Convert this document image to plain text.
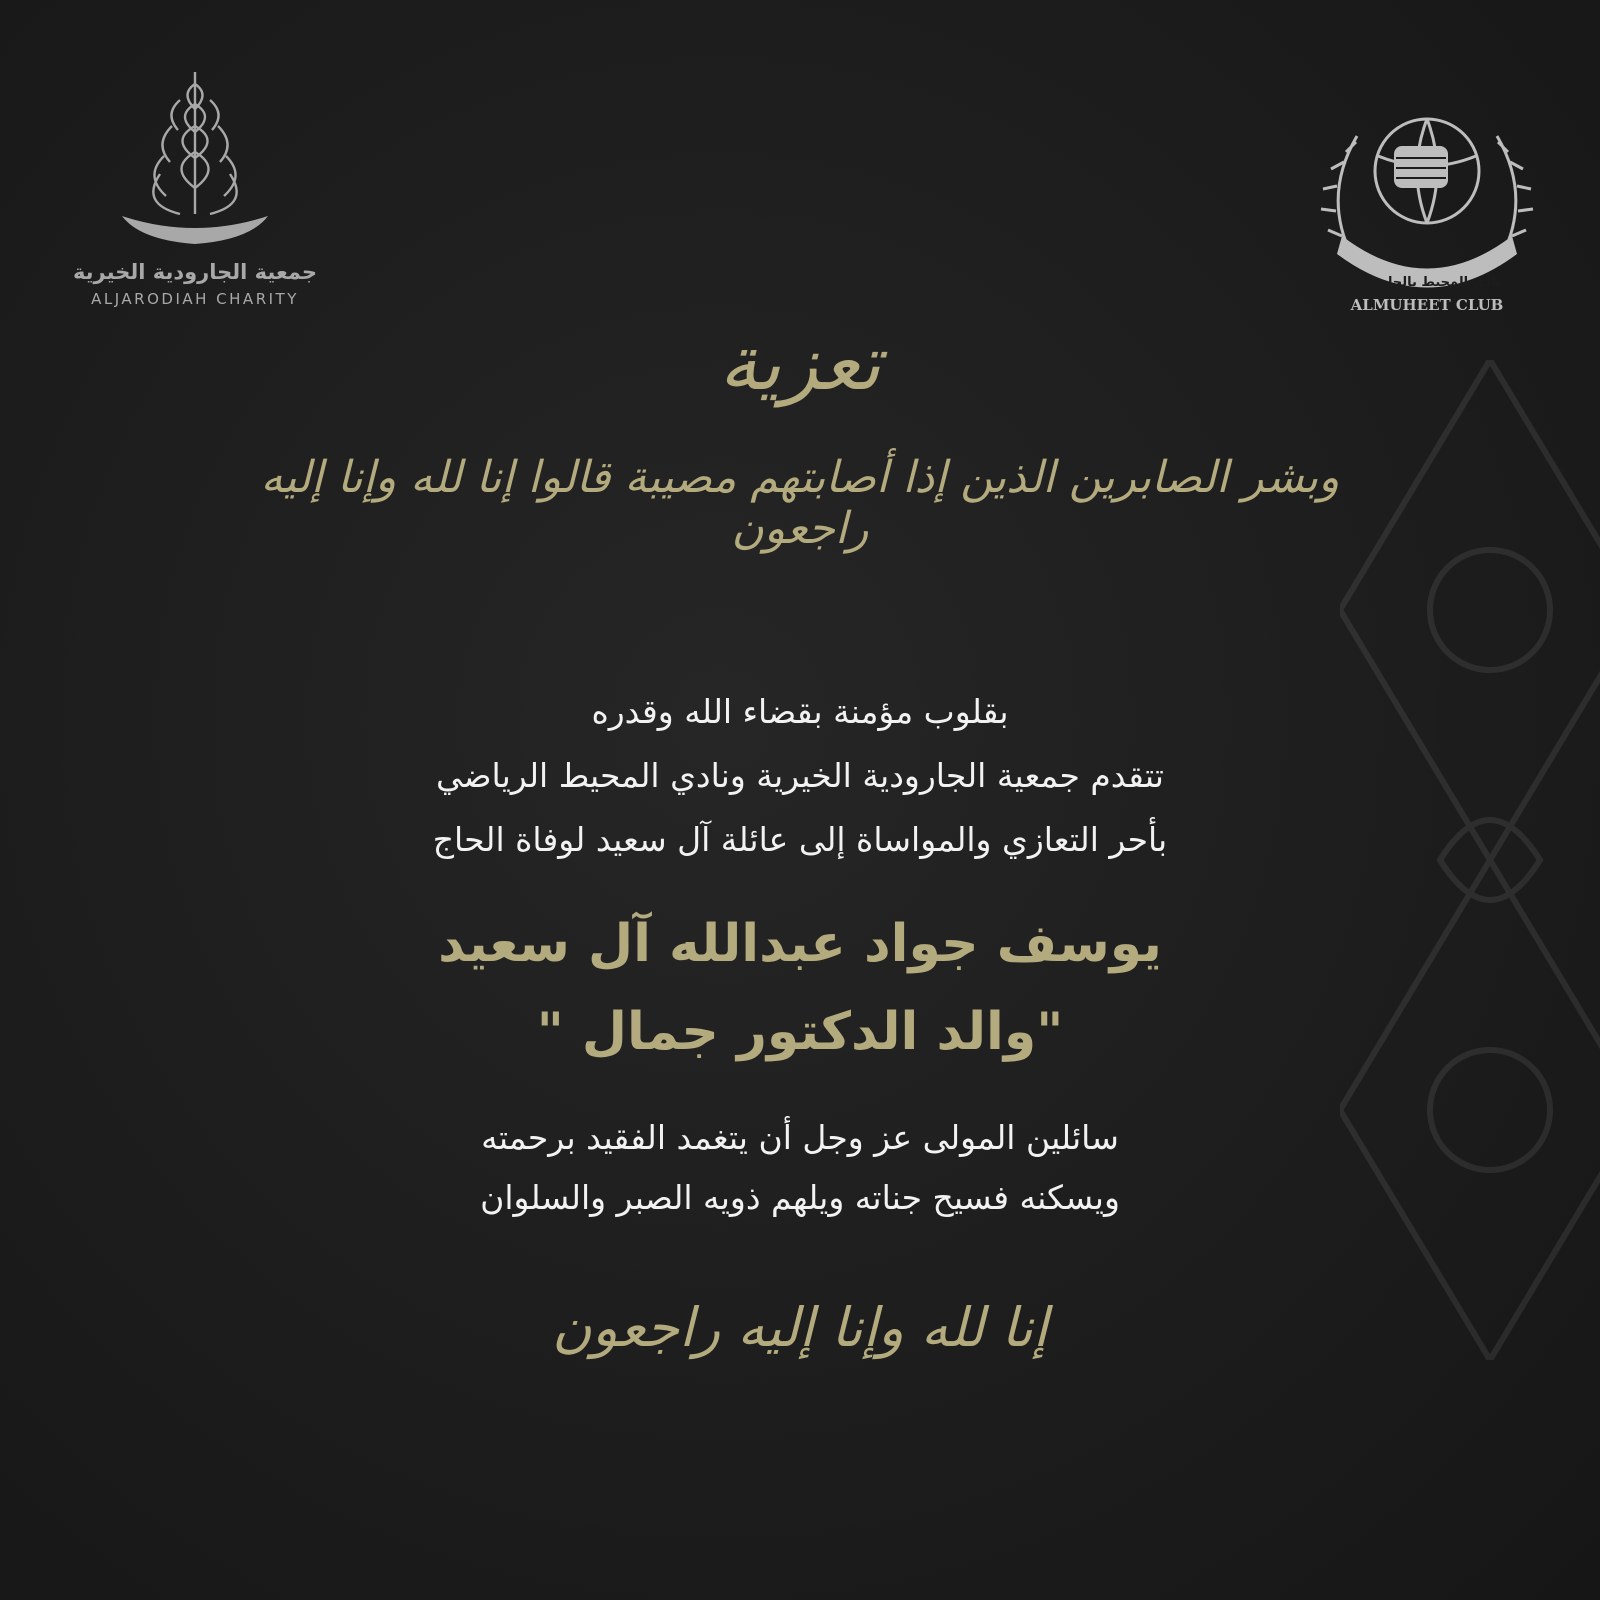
جمعية الجارودية الخيرية
ALJARODIAH CHARITY
نادي المحيط بالجارودية
ALMUHEET CLUB
تعزية
وبشر الصابرين الذين إذا أصابتهم مصيبة قالوا إنا لله وإنا إليه راجعون
بقلوب مؤمنة بقضاء الله وقدره
تتقدم جمعية الجارودية الخيرية ونادي المحيط الرياضي
بأحر التعازي والمواساة إلى عائلة آل سعيد لوفاة الحاج
يوسف جواد عبدالله آل سعيد
"والد الدكتور جمال "
سائلين المولى عز وجل أن يتغمد الفقيد برحمته
ويسكنه فسيح جناته ويلهم ذويه الصبر والسلوان
إنا لله وإنا إليه راجعون
